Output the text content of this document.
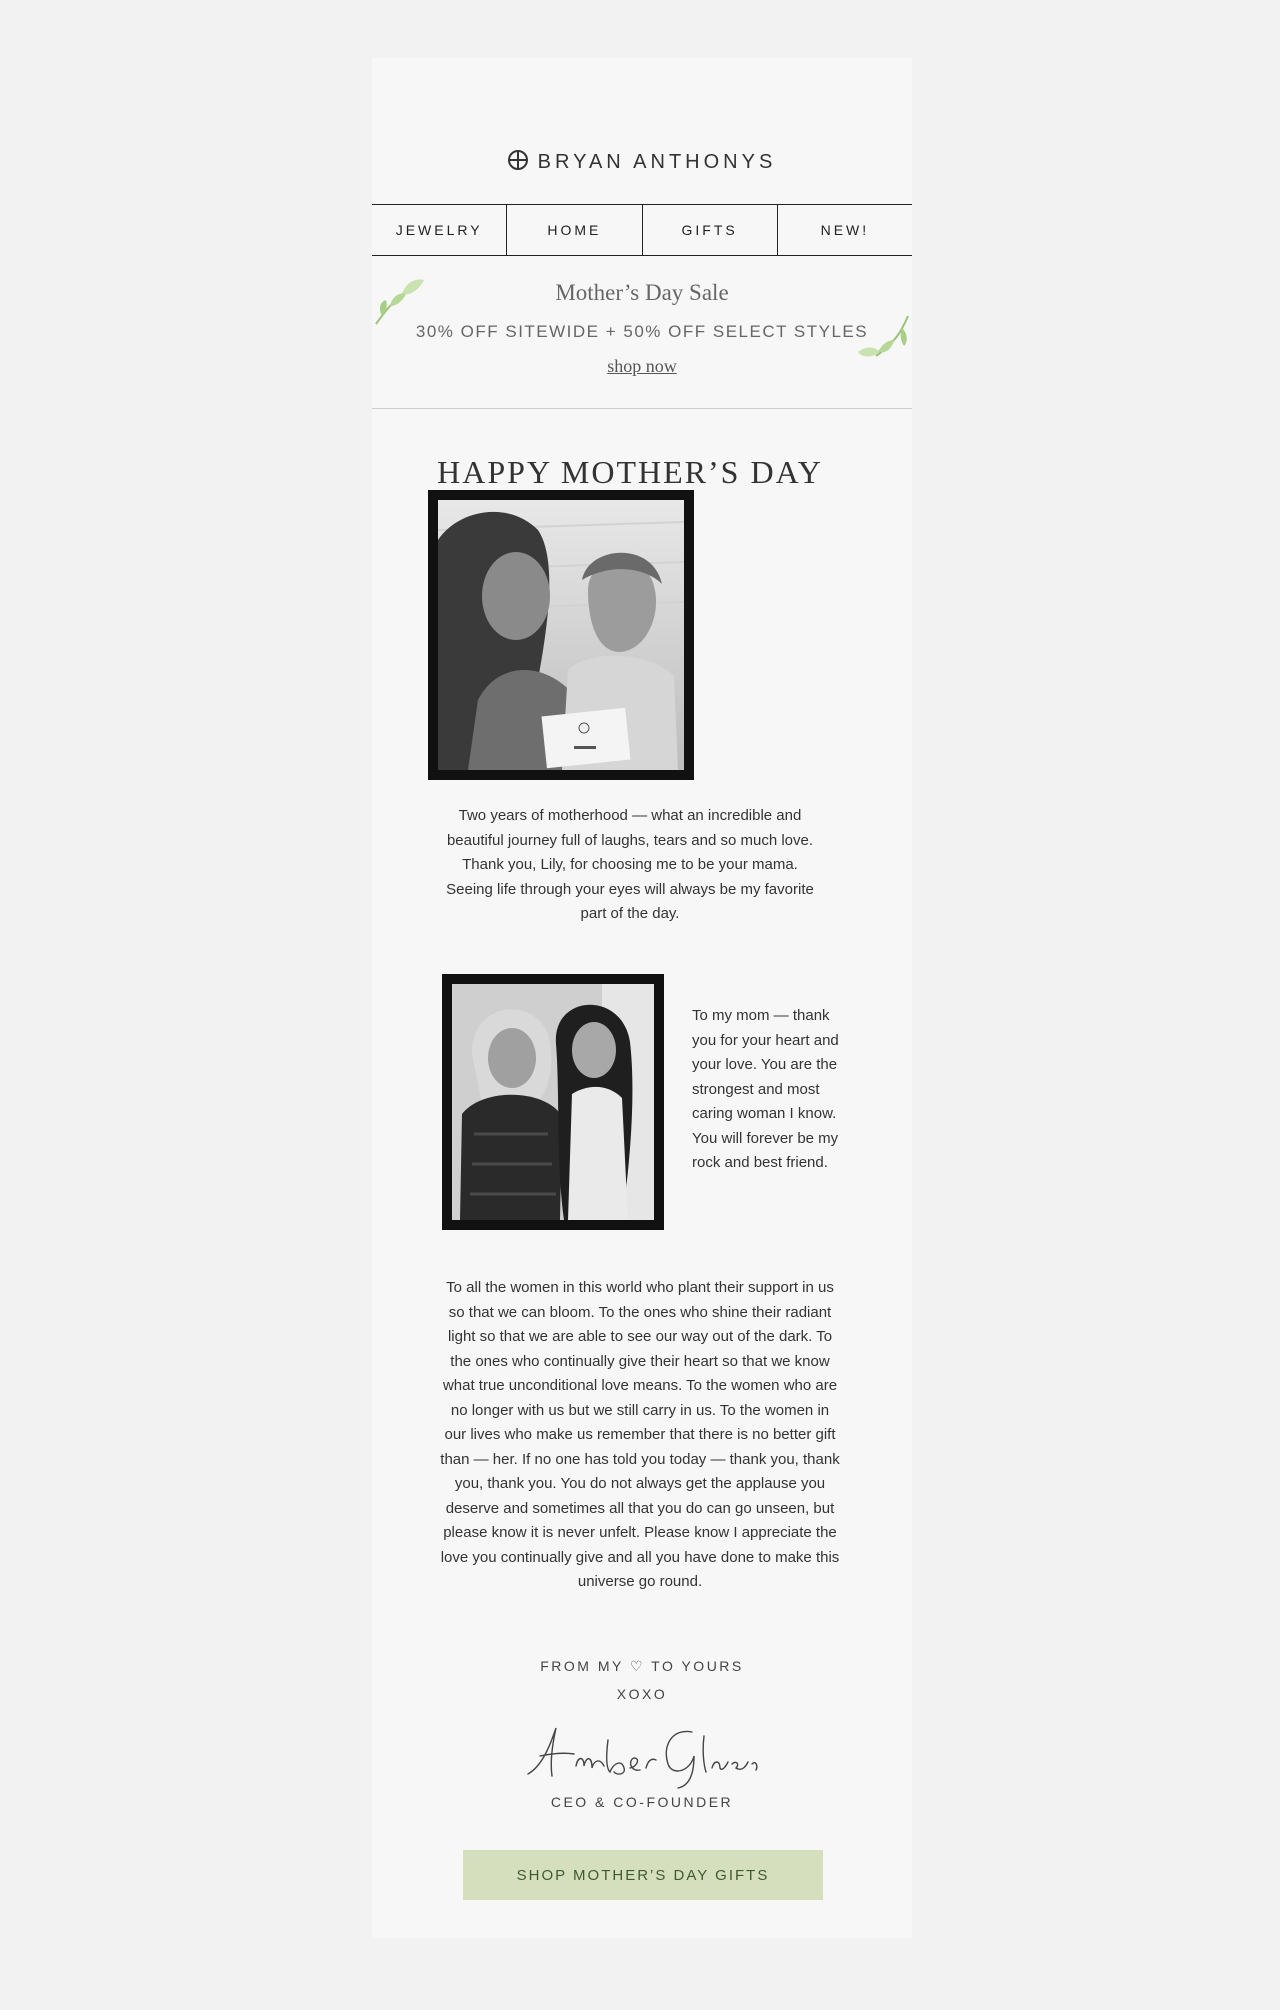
BRYAN ANTHONYS
JEWELRY	HOME	GIFTS	NEW!
Mother’s Day Sale
30% OFF SITEWIDE + 50% OFF SELECT STYLES
shop now
HAPPY MOTHER’S DAY

Two years of motherhood — what an incredible and beautiful journey full of laughs, tears and so much love. Thank you, Lily, for choosing me to be your mama. Seeing life through your eyes will always be my favorite part of the day.

To my mom — thank you for your heart and your love. You are the strongest and most caring woman I know. You will forever be my rock and best friend.

To all the women in this world who plant their support in us so that we can bloom. To the ones who shine their radiant light so that we are able to see our way out of the dark. To the ones who continually give their heart so that we know what true unconditional love means. To the women who are no longer with us but we still carry in us. To the women in our lives who make us remember that there is no better gift than — her. If no one has told you today — thank you, thank you, thank you. You do not always get the applause you deserve and sometimes all that you do can go unseen, but please know it is never unfelt. Please know I appreciate the love you continually give and all you have done to make this universe go round.

FROM MY ♡ TO YOURS
XOXO
CEO & CO-FOUNDER
SHOP MOTHER’S DAY GIFTS
